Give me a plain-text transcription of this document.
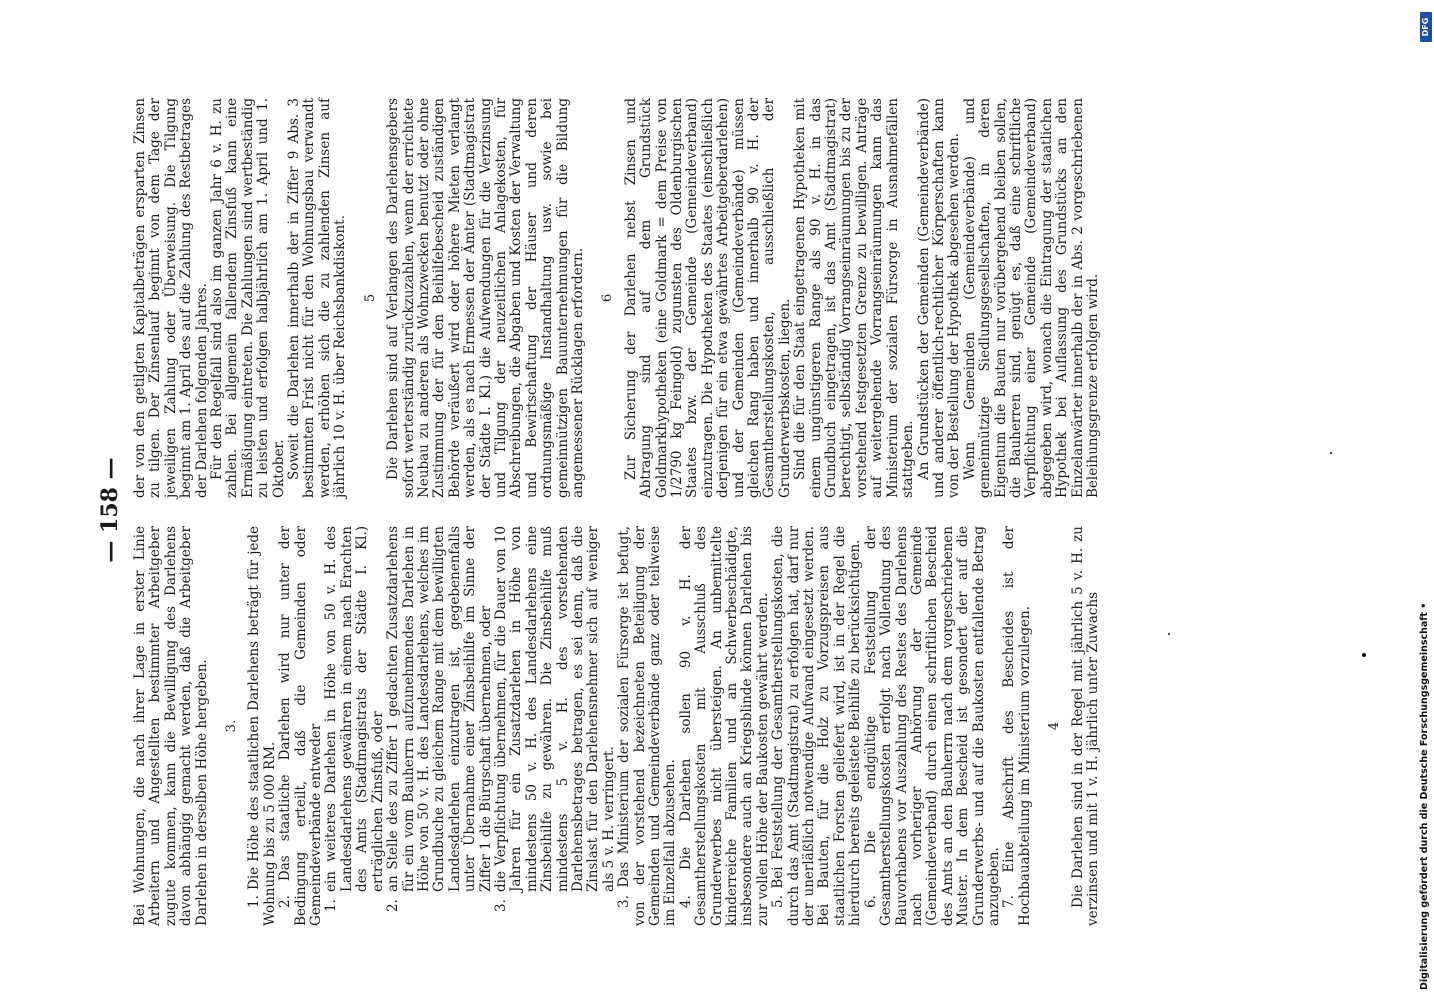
— 158 —

Bei Wohnungen, die nach ihrer Lage in erster Linie Arbeitern und Angestellten bestimmter Arbeitgeber zugute kommen, kann die Bewilligung des Darlehens davon abhängig gemacht werden, daß die Arbeitgeber Darlehen in derselben Höhe hergeben. 3. 1. Die Höhe des staatlichen Darlehens beträgt für jede Wohnung bis zu 5 000 RM. 2. Das staatliche Darlehen wird nur unter der Bedingung erteilt, daß die Gemeinden oder Gemeindeverbände entweder 1.
ein weiteres Darlehen in Höhe von 50 v. H. des Landesdarlehens gewähren in einem nach Erachten des Amts (Stadtmagistrats der Städte I. Kl.) erträglichen Zinsfuß, oder

2.
an Stelle des zu Ziffer 1 gedachten Zusatzdarlehens für ein vom Bauherrn aufzunehmendes Darlehen in Höhe von 50 v. H. des Landesdarlehens, welches im Grundbuche zu gleichem Range mit dem bewilligten Landesdarlehen einzutragen ist, gegebenenfalls unter Übernahme einer Zinsbeihilfe im Sinne der Ziffer 1 die Bürgschaft übernehmen, oder

3.
die Verpflichtung übernehmen, für die Dauer von 10 Jahren für ein Zusatzdarlehen in Höhe von mindestens 50 v. H. des Landesdarlehens eine Zinsbeihilfe zu gewähren. Die Zinsbeihilfe muß mindestens 5 v. H. des vorstehenden Darlehensbetrages betragen, es sei denn, daß die Zinslast für den Darlehensnehmer sich auf weniger als 5 v. H. verringert. 3. Das Ministerium der sozialen Fürsorge ist befugt, von der vorstehend bezeichneten Beteiligung der Gemeinden und Gemeindeverbände ganz oder teilweise im Einzelfall abzusehen. 4. Die Darlehen sollen 90 v. H. der Gesamtherstellungskosten mit Ausschluß des Grunderwerbes nicht übersteigen. An unbemittelte kinderreiche Familien und an Schwerbeschädigte, insbesondere auch an Kriegsblinde können Darlehen bis zur vollen Höhe der Baukosten gewährt werden. 5. Bei Feststellung der Gesamtherstellungskosten, die durch das Amt (Stadtmagistrat) zu erfolgen hat, darf nur der unerläßlich notwendige Aufwand eingesetzt werden. Bei Bauten, für die Holz zu Vorzugspreisen aus staatlichen Forsten geliefert wird, ist in der Regel die hierdurch bereits geleistete Beihilfe zu berücksichtigen. 6. Die endgültige Feststellung der Gesamtherstellungskosten erfolgt nach Vollendung des Bauvorhabens vor Auszahlung des Restes des Darlehens nach vorheriger Anhörung der Gemeinde (Gemeindeverband) durch einen schriftlichen Bescheid des Amts an den Bauherrn nach dem vorgeschriebenen Muster. In dem Bescheid ist gesondert der auf die Grunderwerbs- und auf die Baukosten entfallende Betrag anzugeben. 7. Eine Abschrift des Bescheides ist der Hochbauabteilung im Ministerium vorzulegen. 4 Die Darlehen sind in der Regel mit jährlich 5 v. H. zu verzinsen und mit 1 v. H. jährlich unter Zuwachs

der von den getilgten Kapitalbeträgen ersparten Zinsen zu tilgen. Der Zinsenlauf beginnt von dem Tage der jeweiligen Zahlung oder Überweisung. Die Tilgung beginnt am 1. April des auf die Zahlung des Restbetrages der Darlehen folgenden Jahres. Für den Regelfall sind also im ganzen Jahr 6 v. H. zu zahlen. Bei allgemein fallendem Zinsfuß kann eine Ermäßigung eintreten. Die Zahlungen sind wertbeständig zu leisten und erfolgen halbjährlich am 1. April und 1. Oktober. Soweit die Darlehen innerhalb der in Ziffer 9 Abs. 3 bestimmten Frist nicht für den Wohnungsbau verwandt werden, erhöhen sich die zu zahlenden Zinsen auf jährlich 10 v. H. über Reichsbankdiskont. 5 Die Darlehen sind auf Verlangen des Darlehensgebers sofort werterständig zurückzuzahlen, wenn der errichtete Neubau zu anderen als Wohnzwecken benutzt oder ohne Zustimmung der für den Beihilfebescheid zuständigen Behörde veräußert wird oder höhere Mieten verlangt werden, als es nach Ermessen der Ämter (Stadtmagistrat der Städte I. Kl.) die Aufwendungen für die Verzinsung und Tilgung der neuzeitlichen Anlagekosten, für Abschreibungen, die Abgaben und Kosten der Verwaltung und Bewirtschaftung der Häuser und deren ordnungsmäßige Instandhaltung usw. sowie bei gemeinnützigen Bauunternehmungen für die Bildung angemessener Rücklagen erfordern. 6 Zur Sicherung der Darlehen nebst Zinsen und Abtragung sind auf dem Grundstück Goldmarkhypotheken (eine Goldmark = dem Preise von 1/2790 kg Feingold) zugunsten des Oldenburgischen Staates bzw. der Gemeinde (Gemeindeverband) einzutragen. Die Hypotheken des Staates (einschließlich derjenigen für ein etwa gewährtes Arbeitgeberdarlehen) und der Gemeinden (Gemeindeverbände) müssen gleichen Rang haben und innerhalb 90 v. H. der Gesamtherstellungskosten, ausschließlich der Grunderwerbskosten, liegen. Sind die für den Staat eingetragenen Hypotheken mit einem ungünstigeren Range als 90 v. H. in das Grundbuch eingetragen, ist das Amt (Stadtmagistrat) berechtigt, selbständig Vorrangseinräumungen bis zu der vorstehend festgesetzten Grenze zu bewilligen. Anträge auf weitergehende Vorrangseinräumungen kann das Ministerium der sozialen Fürsorge in Ausnahmefällen stattgeben. An Grundstücken der Gemeinden (Gemeindeverbände) und anderer öffentlich-rechtlicher Körperschaften kann von der Bestellung der Hypothek abgesehen werden. Wenn Gemeinden (Gemeindeverbände) und gemeinnützige Siedlungsgesellschaften, in deren Eigentum die Bauten nur vorübergehend bleiben sollen, die Bauherren sind, genügt es, daß eine schriftliche Verpflichtung einer Gemeinde (Gemeindeverband) abgegeben wird, wonach die Eintragung der staatlichen Hypothek bei Auflassung des Grundstücks an den Einzelanwärter innerhalb der in Abs. 2 vorgeschriebenen Beleihungsgrenze erfolgen wird.

Digitalisierung gefördert durch die Deutsche Forschungsgemeinschaft •
DFG
